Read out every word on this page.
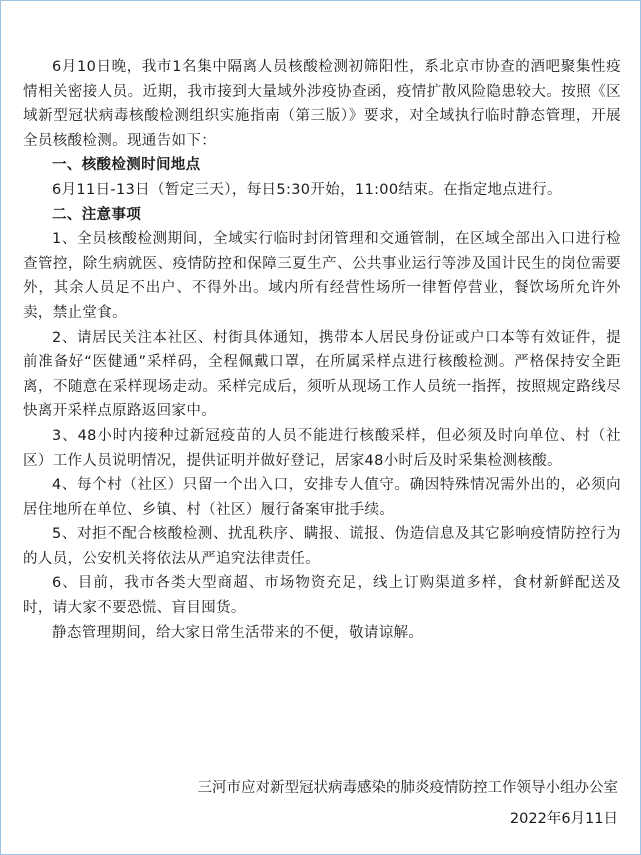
6月10日晚，我市1名集中隔离人员核酸检测初筛阳性，系北京市协查的酒吧聚集性疫情相关密接人员。近期，我市接到大量域外涉疫协查函，疫情扩散风险隐患较大。按照《区域新型冠状病毒核酸检测组织实施指南（第三版）》要求，对全域执行临时静态管理，开展全员核酸检测。现通告如下：

一、核酸检测时间地点

6月11日-13日（暂定三天），每日5:30开始，11:00结束。在指定地点进行。

二、注意事项

1、全员核酸检测期间，全域实行临时封闭管理和交通管制，在区域全部出入口进行检查管控，除生病就医、疫情防控和保障三夏生产、公共事业运行等涉及国计民生的岗位需要外，其余人员足不出户、不得外出。域内所有经营性场所一律暂停营业，餐饮场所允许外卖，禁止堂食。

2、请居民关注本社区、村街具体通知，携带本人居民身份证或户口本等有效证件，提前准备好“医健通”采样码，全程佩戴口罩，在所属采样点进行核酸检测。严格保持安全距离，不随意在采样现场走动。采样完成后，须听从现场工作人员统一指挥，按照规定路线尽快离开采样点原路返回家中。

3、48小时内接种过新冠疫苗的人员不能进行核酸采样，但必须及时向单位、村（社区）工作人员说明情况，提供证明并做好登记，居家48小时后及时采集检测核酸。

4、每个村（社区）只留一个出入口，安排专人值守。确因特殊情况需外出的，必须向居住地所在单位、乡镇、村（社区）履行备案审批手续。

5、对拒不配合核酸检测、扰乱秩序、瞒报、谎报、伪造信息及其它影响疫情防控行为的人员，公安机关将依法从严追究法律责任。

6、目前，我市各类大型商超、市场物资充足，线上订购渠道多样，食材新鲜配送及时，请大家不要恐慌、盲目囤货。

静态管理期间，给大家日常生活带来的不便，敬请谅解。

三河市应对新型冠状病毒感染的肺炎疫情防控工作领导小组办公室
2022年6月11日
